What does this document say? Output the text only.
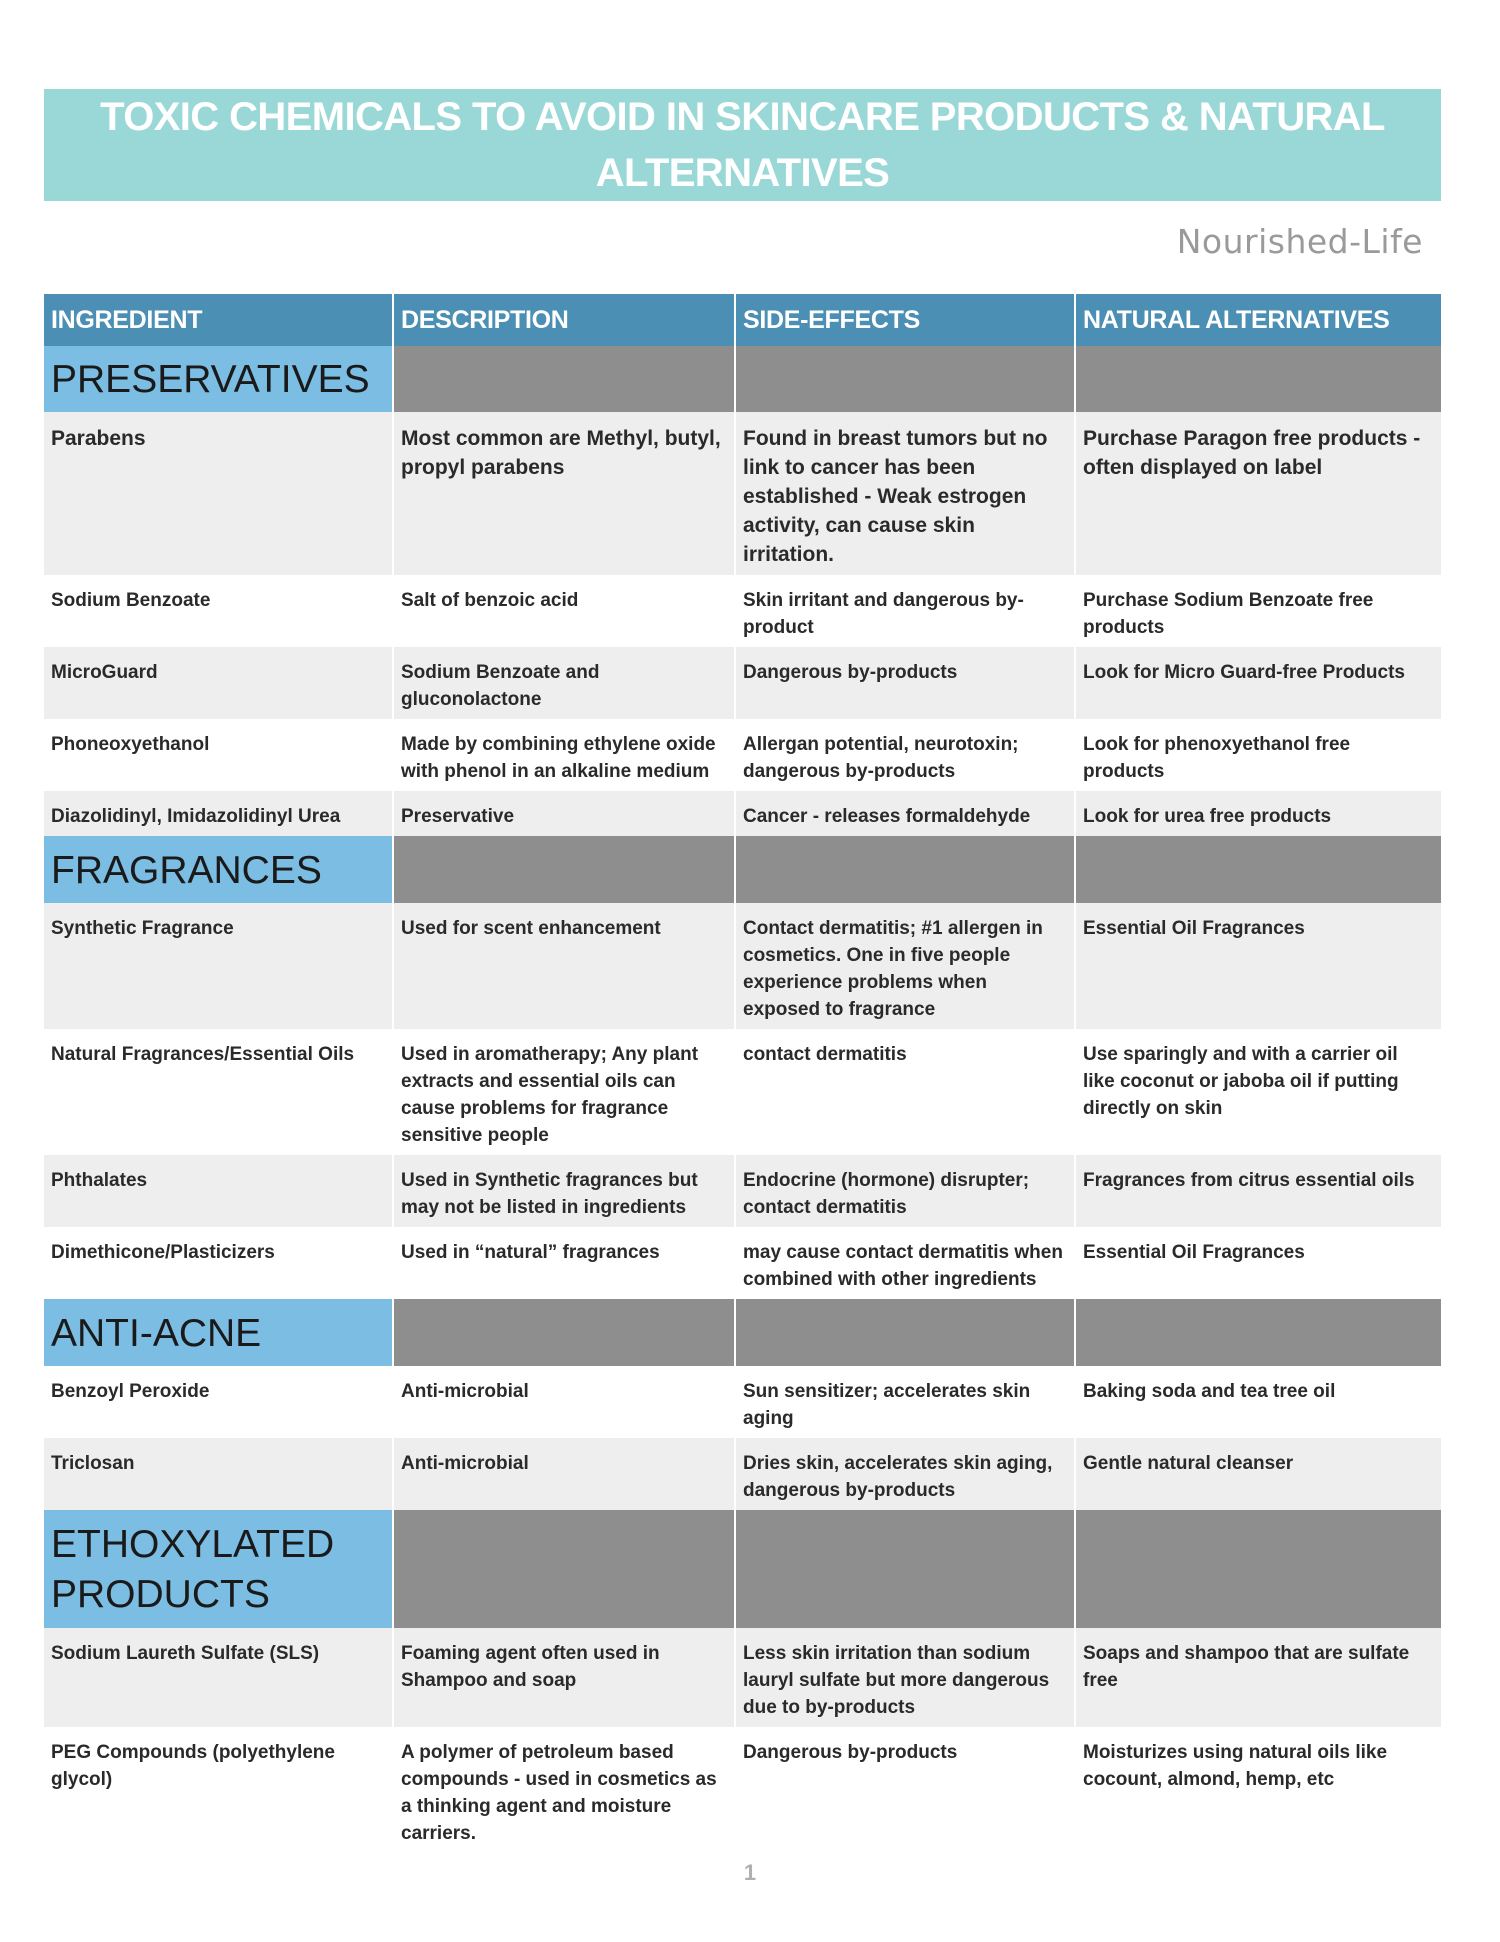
TOXIC CHEMICALS TO AVOID IN SKINCARE PRODUCTS & NATURAL ALTERNATIVES
Nourished-Life
INGREDIENT	DESCRIPTION	SIDE-EFFECTS	NATURAL ALTERNATIVES
PRESERVATIVES			
Parabens	Most common are Methyl, butyl, propyl parabens	Found in breast tumors but no link to cancer has been established - Weak estrogen activity, can cause skin irritation.	Purchase Paragon free products - often displayed on label
Sodium Benzoate	Salt of benzoic acid	Skin irritant and dangerous by-product	Purchase Sodium Benzoate free products
MicroGuard	Sodium Benzoate and gluconolactone	Dangerous by-products	Look for Micro Guard-free Products
Phoneoxyethanol	Made by combining ethylene oxide with phenol in an alkaline medium	Allergan potential, neurotoxin; dangerous by-products	Look for phenoxyethanol free products
Diazolidinyl, Imidazolidinyl Urea	Preservative	Cancer - releases formaldehyde	Look for urea free products
FRAGRANCES			
Synthetic Fragrance	Used for scent enhancement	Contact dermatitis; #1 allergen in cosmetics. One in five people experience problems when exposed to fragrance	Essential Oil Fragrances
Natural Fragrances/Essential Oils	Used in aromatherapy; Any plant extracts and essential oils can cause problems for fragrance sensitive people	contact dermatitis	Use sparingly and with a carrier oil like coconut or jaboba oil if putting directly on skin
Phthalates	Used in Synthetic fragrances but may not be listed in ingredients	Endocrine (hormone) disrupter; contact dermatitis	Fragrances from citrus essential oils
Dimethicone/Plasticizers	Used in “natural” fragrances	may cause contact dermatitis when combined with other ingredients	Essential Oil Fragrances
ANTI-ACNE			
Benzoyl Peroxide	Anti-microbial	Sun sensitizer; accelerates skin aging	Baking soda and tea tree oil
Triclosan	Anti-microbial	Dries skin, accelerates skin aging, dangerous by-products	Gentle natural cleanser
ETHOXYLATED PRODUCTS			
Sodium Laureth Sulfate (SLS)	Foaming agent often used in Shampoo and soap	Less skin irritation than sodium lauryl sulfate but more dangerous due to by-products	Soaps and shampoo that are sulfate free
PEG Compounds (polyethylene glycol)	A polymer of petroleum based compounds - used in cosmetics as a thinking agent and moisture carriers.	Dangerous by-products	Moisturizes using natural oils like cocount, almond, hemp, etc
1
